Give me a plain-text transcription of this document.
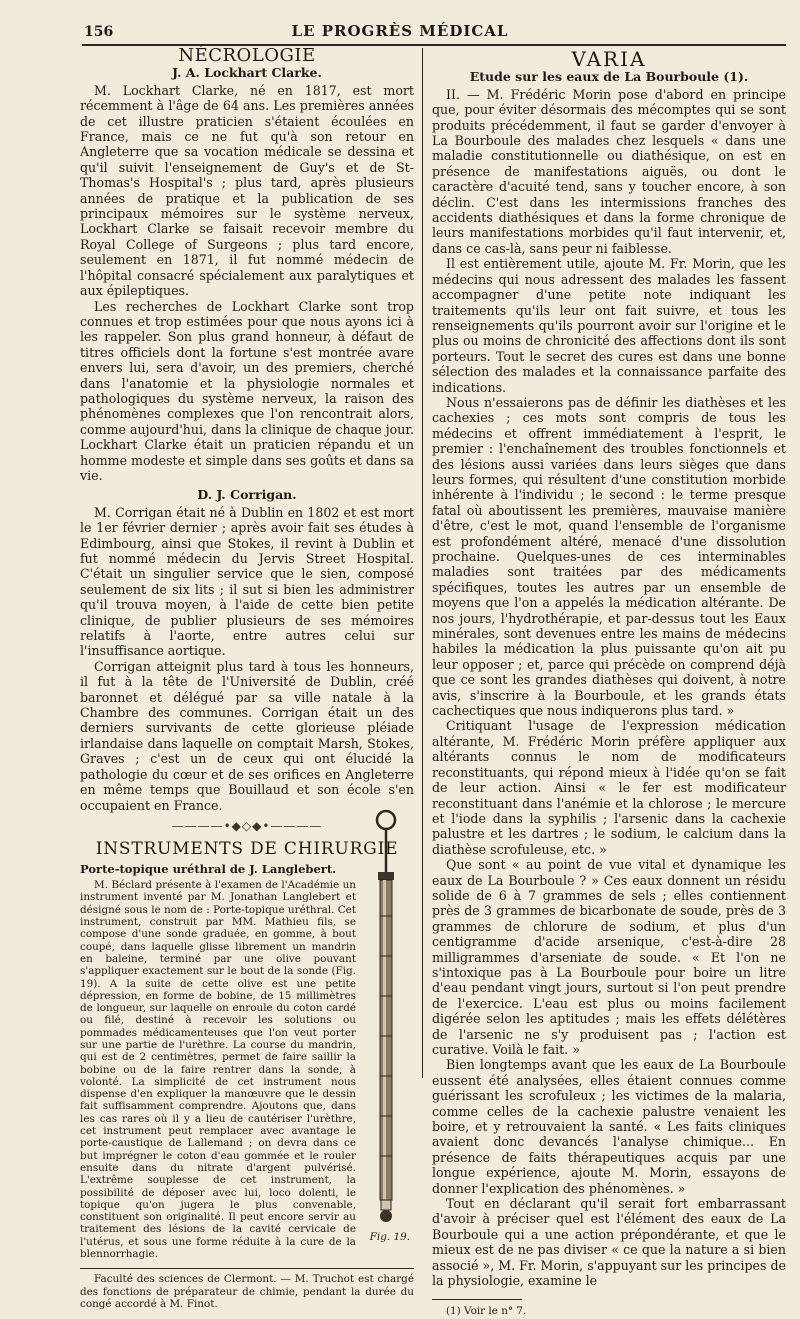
156	LE PROGRÈS MÉDICAL
NÉCROLOGIE
J. A. Lockhart Clarke.

M. Lockhart Clarke, né en 1817, est mort récemment à l'âge de 64 ans. Les premières années de cet illustre praticien s'étaient écoulées en France, mais ce ne fut qu'à son retour en Angleterre que sa vocation médicale se dessina et qu'il suivit l'enseignement de Guy's et de St-Thomas's Hospital's ; plus tard, après plusieurs années de pratique et la publication de ses principaux mémoires sur le système nerveux, Lockhart Clarke se faisait recevoir membre du Royal College of Surgeons ; plus tard encore, seulement en 1871, il fut nommé médecin de l'hôpital consacré spécialement aux paralytiques et aux épileptiques.

Les recherches de Lockhart Clarke sont trop connues et trop estimées pour que nous ayons ici à les rappeler. Son plus grand honneur, à défaut de titres officiels dont la fortune s'est montrée avare envers lui, sera d'avoir, un des premiers, cherché dans l'anatomie et la physiologie normales et pathologiques du système nerveux, la raison des phénomènes complexes que l'on rencontrait alors, comme aujourd'hui, dans la clinique de chaque jour. Lockhart Clarke était un praticien répandu et un homme modeste et simple dans ses goûts et dans sa vie.

D. J. Corrigan.

M. Corrigan était né à Dublin en 1802 et est mort le 1er février dernier ; après avoir fait ses études à Edimbourg, ainsi que Stokes, il revint à Dublin et fut nommé médecin du Jervis Street Hospital. C'était un singulier service que le sien, composé seulement de six lits ; il sut si bien les administrer qu'il trouva moyen, à l'aide de cette bien petite clinique, de publier plusieurs de ses mémoires relatifs à l'aorte, entre autres celui sur l'insuffisance aortique.

Corrigan atteignit plus tard à tous les honneurs, il fut à la tête de l'Université de Dublin, créé baronnet et délégué par sa ville natale à la Chambre des communes. Corrigan était un des derniers survivants de cette glorieuse pléiade irlandaise dans laquelle on comptait Marsh, Stokes, Graves ; c'est un de ceux qui ont élucidé la pathologie du cœur et de ses orifices en Angleterre en même temps que Bouillaud et son école s'en occupaient en France.

————•◆◇◆•————
INSTRUMENTS DE CHIRURGIE
Porte-topique uréthral de J. Langlebert.

M. Béclard présente à l'examen de l'Académie un instrument inventé par M. Jonathan Langlebert et désigné sous le nom de : Porte-topique uréthral. Cet instrument, construit par MM. Mathieu fils, se compose d'une sonde graduée, en gomme, à bout coupé, dans laquelle glisse librement un mandrin en baleine, terminé par une olive pouvant s'appliquer exactement sur le bout de la sonde (Fig. 19). A la suite de cette olive est une petite dépression, en forme de bobine, de 15 millimètres de longueur, sur laquelle on enroule du coton cardé ou filé, destiné à recevoir les solutions ou pommades médicamenteuses que l'on veut porter sur une partie de l'urèthre. La course du mandrin, qui est de 2 centimètres, permet de faire saillir la bobine ou de la faire rentrer dans la sonde, à volonté. La simplicité de cet instrument nous dispense d'en expliquer la manœuvre que le dessin fait suffisamment comprendre. Ajoutons que, dans les cas rares où il y a lieu de cautériser l'urèthre, cet instrument peut remplacer avec avantage le porte-caustique de Lallemand ; on devra dans ce but imprégner le coton d'eau gommée et le rouler ensuite dans du nitrate d'argent pulvérisé. L'extrême souplesse de cet instrument, la possibilité de déposer avec lui, loco dolenti, le topique qu'on jugera le plus convenable, constituent son originalité. Il peut encore servir au traitement des lésions de la cavité cervicale de l'utérus, et sous une forme réduite à la cure de la blennorrhagie.

Fig. 19.

Faculté des sciences de Clermont. — M. Truchot est chargé des fonctions de préparateur de chimie, pendant la durée du congé accordé à M. Finot.

VARIA
Etude sur les eaux de La Bourboule (1).

II. — M. Frédéric Morin pose d'abord en principe que, pour éviter désormais des mécomptes qui se sont produits précédemment, il faut se garder d'envoyer à La Bourboule des malades chez lesquels « dans une maladie constitutionnelle ou diathésique, on est en présence de manifestations aiguës, ou dont le caractère d'acuité tend, sans y toucher encore, à son déclin. C'est dans les intermissions franches des accidents diathésiques et dans la forme chronique de leurs manifestations morbides qu'il faut intervenir, et, dans ce cas-là, sans peur ni faiblesse.

Il est entièrement utile, ajoute M. Fr. Morin, que les médecins qui nous adressent des malades les fassent accompagner d'une petite note indiquant les traitements qu'ils leur ont fait suivre, et tous les renseignements qu'ils pourront avoir sur l'origine et le plus ou moins de chronicité des affections dont ils sont porteurs. Tout le secret des cures est dans une bonne sélection des malades et la connaissance parfaite des indications.

Nous n'essaierons pas de définir les diathèses et les cachexies ; ces mots sont compris de tous les médecins et offrent immédiatement à l'esprit, le premier : l'enchaînement des troubles fonctionnels et des lésions aussi variées dans leurs sièges que dans leurs formes, qui résultent d'une constitution morbide inhérente à l'individu ; le second : le terme presque fatal où aboutissent les premières, mauvaise manière d'être, c'est le mot, quand l'ensemble de l'organisme est profondément altéré, menacé d'une dissolution prochaine. Quelques-unes de ces interminables maladies sont traitées par des médicaments spécifiques, toutes les autres par un ensemble de moyens que l'on a appelés la médication altérante. De nos jours, l'hydrothérapie, et par-dessus tout les Eaux minérales, sont devenues entre les mains de médecins habiles la médication la plus puissante qu'on ait pu leur opposer ; et, parce qui précède on comprend déjà que ce sont les grandes diathèses qui doivent, à notre avis, s'inscrire à la Bourboule, et les grands états cachectiques que nous indiquerons plus tard. »

Critiquant l'usage de l'expression médication altérante, M. Frédéric Morin préfère appliquer aux altérants connus le nom de modificateurs reconstituants, qui répond mieux à l'idée qu'on se fait de leur action. Ainsi « le fer est modificateur reconstituant dans l'anémie et la chlorose ; le mercure et l'iode dans la syphilis ; l'arsenic dans la cachexie palustre et les dartres ; le sodium, le calcium dans la diathèse scrofuleuse, etc. »

Que sont « au point de vue vital et dynamique les eaux de La Bourboule ? » Ces eaux donnent un résidu solide de 6 à 7 grammes de sels ; elles contiennent près de 3 grammes de bicarbonate de soude, près de 3 grammes de chlorure de sodium, et plus d'un centigramme d'acide arsenique, c'est-à-dire 28 milligrammes d'arseniate de soude. « Et l'on ne s'intoxique pas à La Bourboule pour boire un litre d'eau pendant vingt jours, surtout si l'on peut prendre de l'exercice. L'eau est plus ou moins facilement digérée selon les aptitudes ; mais les effets délétères de l'arsenic ne s'y produisent pas ; l'action est curative. Voilà le fait. »

Bien longtemps avant que les eaux de La Bourboule eussent été analysées, elles étaient connues comme guérissant les scrofuleux ; les victimes de la malaria, comme celles de la cachexie palustre venaient les boire, et y retrouvaient la santé. « Les faits cliniques avaient donc devancés l'analyse chimique... En présence de faits thérapeutiques acquis par une longue expérience, ajoute M. Morin, essayons de donner l'explication des phénomènes. »

Tout en déclarant qu'il serait fort embarrassant d'avoir à préciser quel est l'élément des eaux de La Bourboule qui a une action prépondérante, et que le mieux est de ne pas diviser « ce que la nature a si bien associé », M. Fr. Morin, s'appuyant sur les principes de la physiologie, examine le

(1) Voir le n° 7.
